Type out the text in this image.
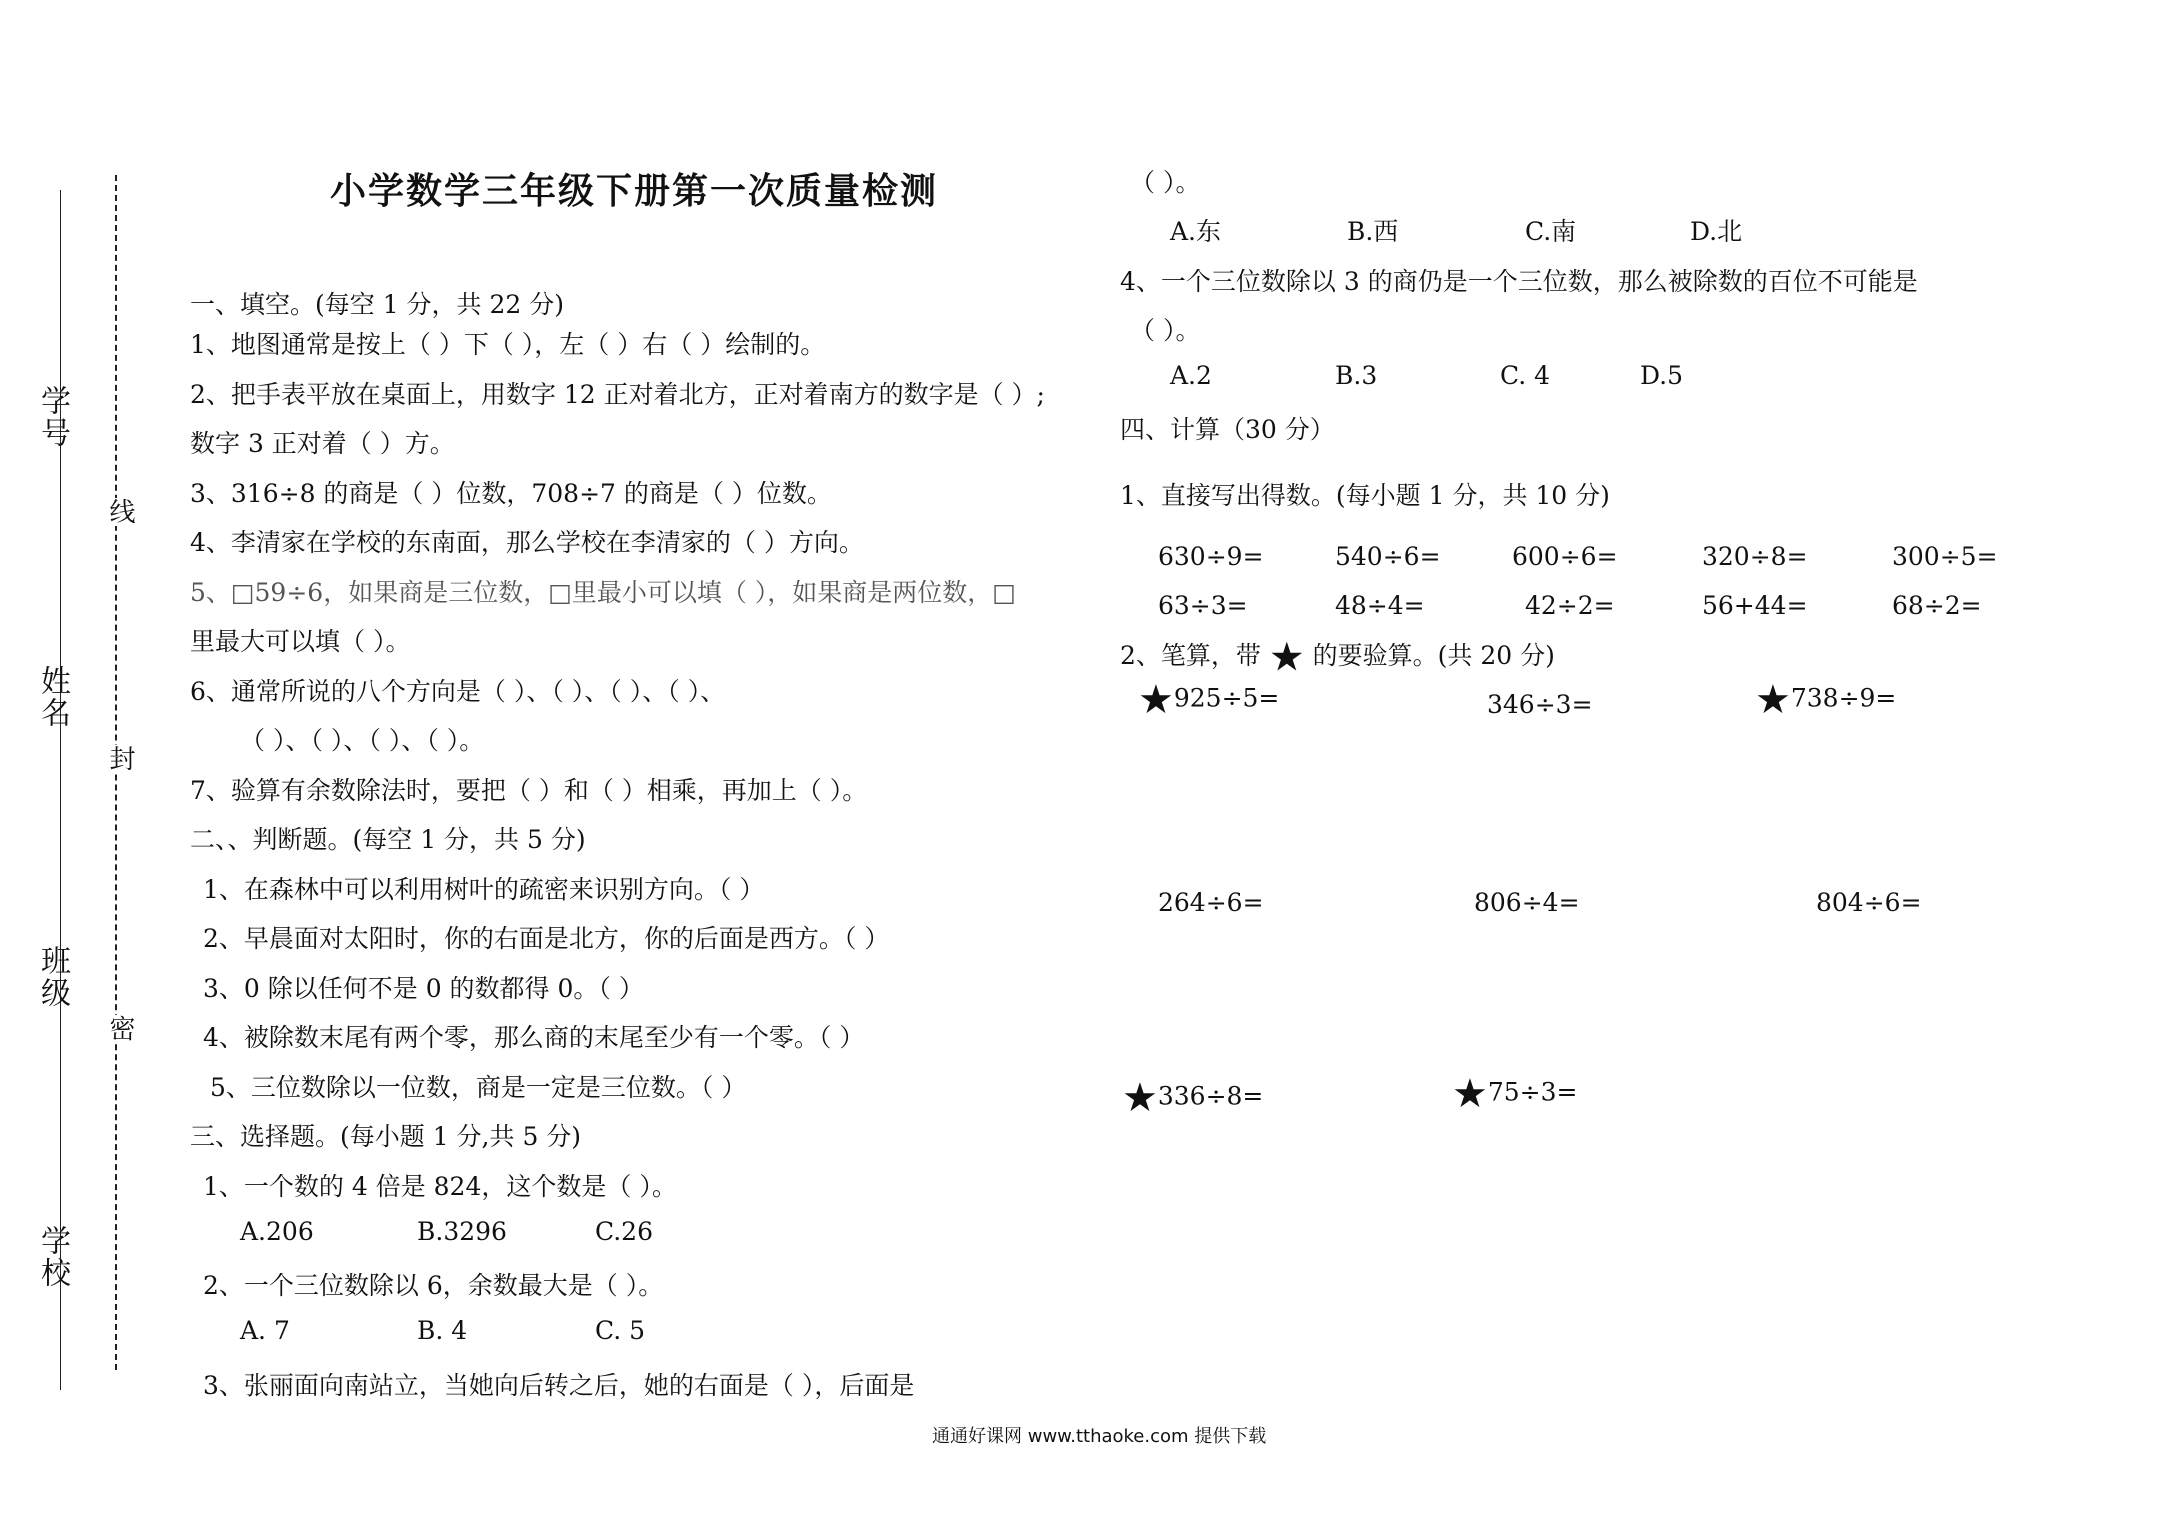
学号
姓名
班级
学校
线
封
密
小学数学三年级下册第一次质量检测
一、填空。(每空 1 分，共 22 分)
1、地图通常是按上（ ）下（ ），左（ ）右（ ）绘制的。
2、把手表平放在桌面上，用数字 12 正对着北方，正对着南方的数字是（ ）;
数字 3 正对着（ ）方。
3、316÷8 的商是（ ）位数，708÷7 的商是（ ）位数。
4、李清家在学校的东南面，那么学校在李清家的（ ）方向。
5、□59÷6，如果商是三位数，□里最小可以填（ ），如果商是两位数，□
里最大可以填（ ）。
6、通常所说的八个方向是（ ）、（ ）、（ ）、（ ）、
（ ）、（ ）、（ ）、（ ）。
7、验算有余数除法时，要把（ ）和（ ）相乘，再加上（ ）。
二、、判断题。(每空 1 分，共 5 分)
1、在森林中可以利用树叶的疏密来识别方向。（ ）
2、早晨面对太阳时，你的右面是北方，你的后面是西方。（ ）
3、0 除以任何不是 0 的数都得 0。（ ）
4、被除数末尾有两个零，那么商的末尾至少有一个零。（ ）
5、三位数除以一位数，商是一定是三位数。（ ）
三、选择题。(每小题 1 分,共 5 分)
1、一个数的 4 倍是 824，这个数是（ ）。
A.206	B.3296	C.26
2、一个三位数除以 6，余数最大是（ ）。
A. 7	B. 4	C. 5
3、张丽面向南站立，当她向后转之后，她的右面是（ ），后面是
（ ）。
A.东	B.西	C.南	D.北
4、一个三位数除以 3 的商仍是一个三位数，那么被除数的百位不可能是
（ ）。
A.2	B.3	C. 4	D.5
四、计算（30 分）
1、直接写出得数。(每小题 1 分，共 10 分)
630÷9=	540÷6=	600÷6=	320÷8=	300÷5=
63÷3=	48÷4=	42÷2=	56+44=	68÷2=
2、笔算，带 ★ 的要验算。(共 20 分)
★925÷5=	346÷3=	★738÷9=
264÷6=	806÷4=	804÷6=
★336÷8=	★75÷3=
通通好课网 www.tthaoke.com 提供下载
